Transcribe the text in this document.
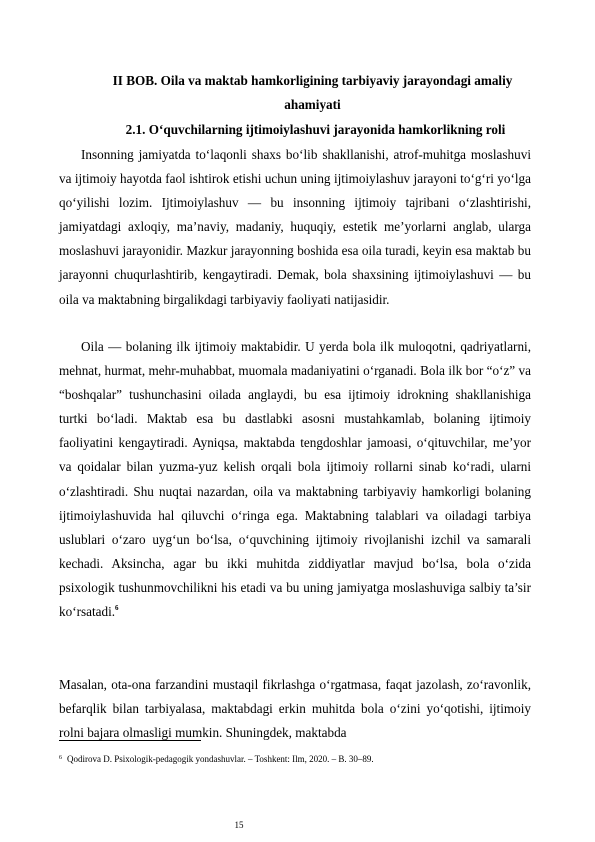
II BOB. Oila va maktab hamkorligining tarbiyaviy jarayondagi amaliy ahamiyati
2.1. O‘quvchilarning ijtimoiylashuvi jarayonida hamkorlikning roli

Insonning jamiyatda to‘laqonli shaxs bo‘lib shakllanishi, atrof-muhitga moslashuvi va ijtimoiy hayotda faol ishtirok etishi uchun uning ijtimoiylashuv jarayoni to‘g‘ri yo‘lga qo‘yilishi lozim. Ijtimoiylashuv — bu insonning ijtimoiy tajribani o‘zlashtirishi, jamiyatdagi axloqiy, ma’naviy, madaniy, huquqiy, estetik me’yorlarni anglab, ularga moslashuvi jarayonidir. Mazkur jarayonning boshida esa oila turadi, keyin esa maktab bu jarayonni chuqurlashtirib, kengaytiradi. Demak, bola shaxsining ijtimoiylashuvi — bu oila va maktabning birgalikdagi tarbiyaviy faoliyati natijasidir.

Oila — bolaning ilk ijtimoiy maktabidir. U yerda bola ilk muloqotni, qadriyatlarni, mehnat, hurmat, mehr-muhabbat, muomala madaniyatini o‘rganadi. Bola ilk bor “o‘z” va “boshqalar” tushunchasini oilada anglaydi, bu esa ijtimoiy idrokning shakllanishiga turtki bo‘ladi. Maktab esa bu dastlabki asosni mustahkamlab, bolaning ijtimoiy faoliyatini kengaytiradi. Ayniqsa, maktabda tengdoshlar jamoasi, o‘qituvchilar, me’yor va qoidalar bilan yuzma-yuz kelish orqali bola ijtimoiy rollarni sinab ko‘radi, ularni o‘zlashtiradi. Shu nuqtai nazardan, oila va maktabning tarbiyaviy hamkorligi bolaning ijtimoiylashuvida hal qiluvchi o‘ringa ega. Maktabning talablari va oiladagi tarbiya uslublari o‘zaro uyg‘un bo‘lsa, o‘quvchining ijtimoiy rivojlanishi izchil va samarali kechadi. Aksincha, agar bu ikki muhitda ziddiyatlar mavjud bo‘lsa, bola o‘zida psixologik tushunmovchilikni his etadi va bu uning jamiyatga moslashuviga salbiy ta’sir ko‘rsatadi.$^6$

Masalan, ota-ona farzandini mustaqil fikrlashga o‘rgatmasa, faqat jazolash, zo‘ravonlik, befarqlik bilan tarbiyalasa, maktabdagi erkin muhitda bola o‘zini yo‘qotishi, ijtimoiy rolni bajara olmasligi mumkin. Shuningdek, maktabda

$^6$ Qodirova D. Psixologik-pedagogik yondashuvlar. – Toshkent: Ilm, 2020. – B. 30–89.

15
